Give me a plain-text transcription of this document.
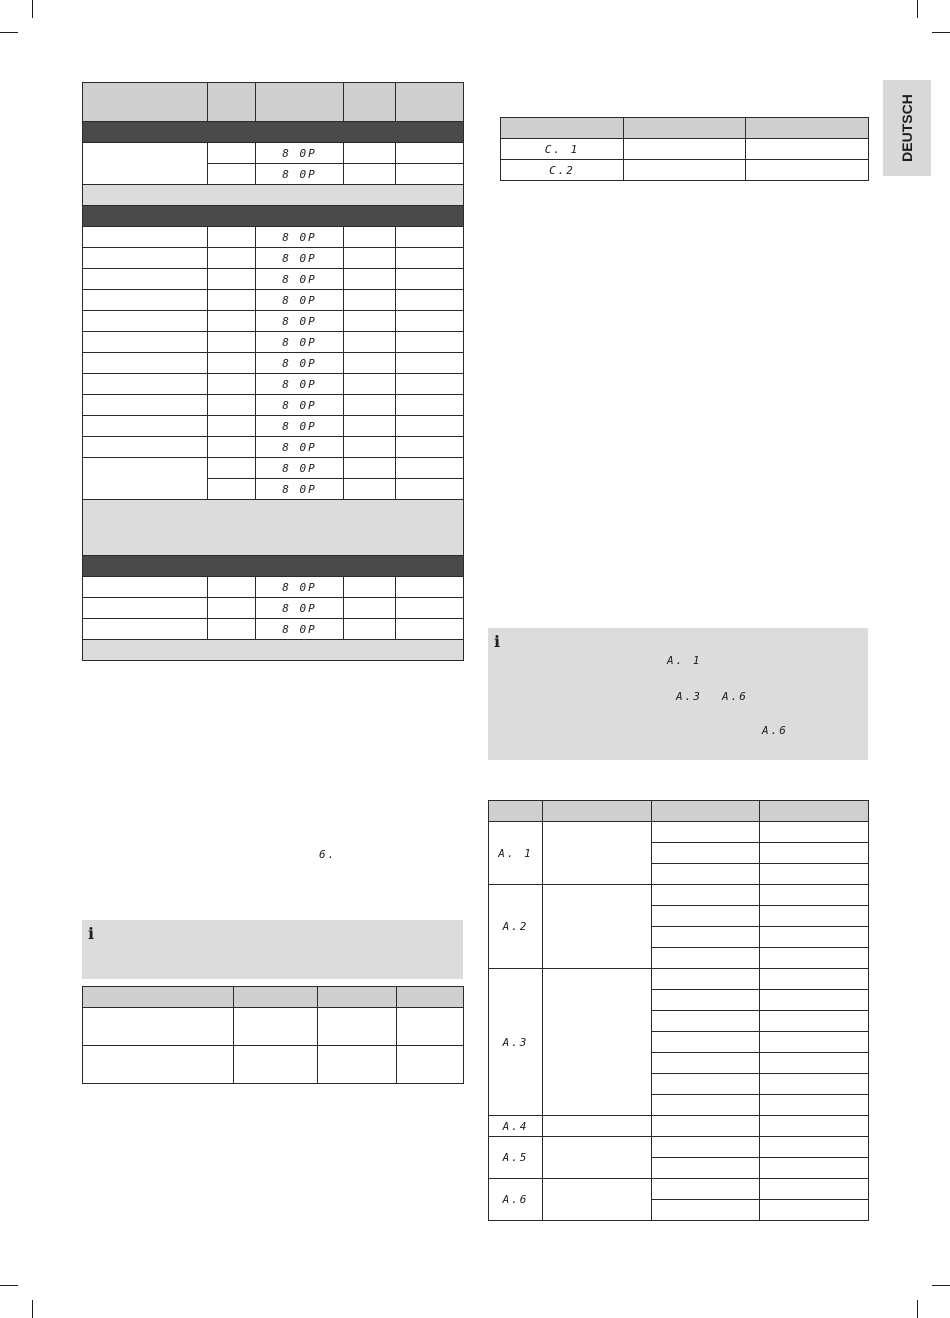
DEUTSCH

		8 0P		
		8 0P		

		8 0P		
		8 0P		
		8 0P		
		8 0P		
		8 0P		
		8 0P		
		8 0P		
		8 0P		
		8 0P		
		8 0P		
		8 0P		
		8 0P		
		8 0P		

		8 0P		
		8 0P		
		8 0P		

6.
i

C. 1		
C.2		
i
A. 1
A.3 A.6
A.6

A. 1			

A.2			

A.3			

A.4			
A.5			

A.6			
